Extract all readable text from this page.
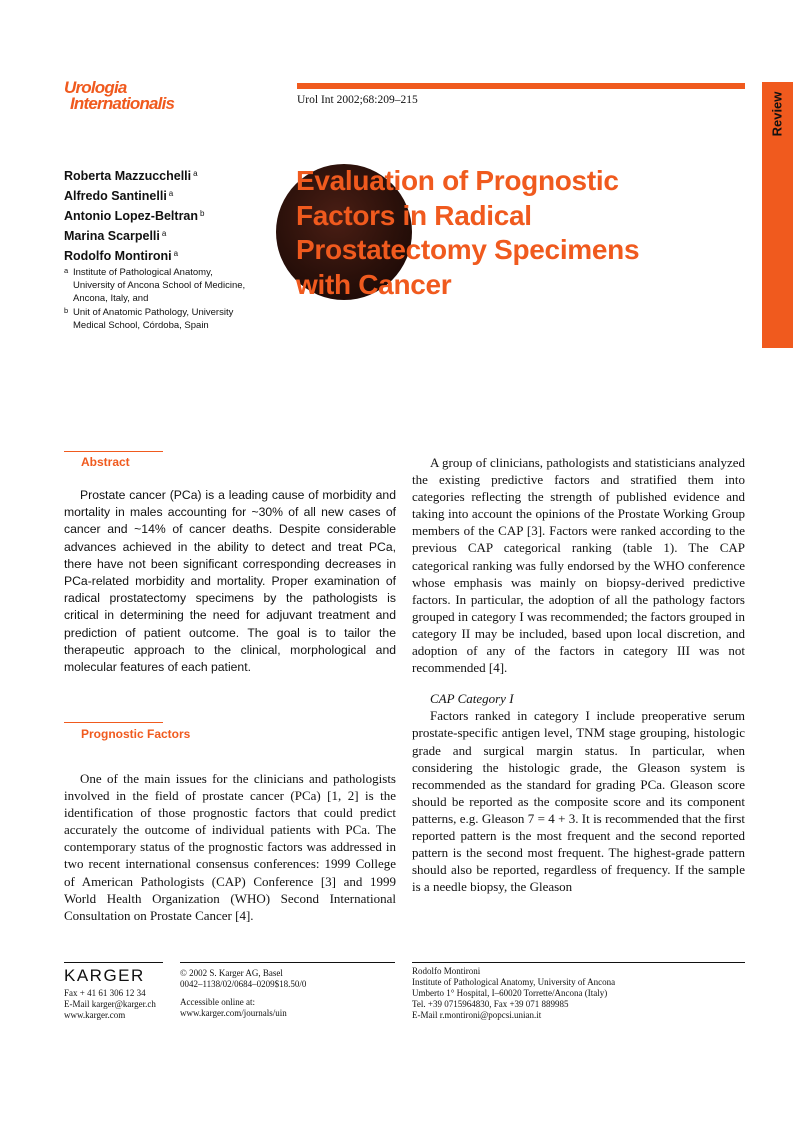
Urologia
Internationalis	Urol Int 2002;68:209–215	Review
Roberta Mazzucchelli $^a$
Alfredo Santinelli $^a$
Antonio Lopez-Beltran $^b$
Marina Scarpelli $^a$
Rodolfo Montironi $^a$
a Institute of Pathological Anatomy,
University of Ancona School of Medicine,
Ancona, Italy, and
b Unit of Anatomic Pathology, University
Medical School, Córdoba, Spain
Evaluation of Prognostic
Factors in Radical
Prostatectomy Specimens
with Cancer
Abstract

Prostate cancer (PCa) is a leading cause of morbidity and mortality in males accounting for ~30% of all new cases of cancer and ~14% of cancer deaths. Despite considerable advances achieved in the ability to detect and treat PCa, there have not been significant corresponding decreases in PCa-related morbidity and mortality. Proper examination of radical prostatectomy specimens by the pathologists is critical in determining the need for adjuvant treatment and prediction of patient outcome. The goal is to tailor the therapeutic approach to the clinical, morphological and molecular features of each patient.

Prognostic Factors

One of the main issues for the clinicians and pathologists involved in the field of prostate cancer (PCa) [1, 2] is the identification of those prognostic factors that could predict accurately the outcome of individual patients with PCa. The contemporary status of the prognostic factors was addressed in two recent international consensus conferences: 1999 College of American Pathologists (CAP) Conference [3] and 1999 World Health Organization (WHO) Second International Consultation on Prostate Cancer [4].

A group of clinicians, pathologists and statisticians analyzed the existing predictive factors and stratified them into categories reflecting the strength of published evidence and taking into account the opinions of the Prostate Working Group members of the CAP [3]. Factors were ranked according to the previous CAP categorical ranking (table 1). The CAP categorical ranking was fully endorsed by the WHO conference whose emphasis was mainly on biopsy-derived predictive factors. In particular, the adoption of all the pathology factors grouped in category I was recommended; the factors grouped in category II may be included, based upon local discretion, and adoption of any of the factors in category III was not recommended [4].

CAP Category I

Factors ranked in category I include preoperative serum prostate-specific antigen level, TNM stage grouping, histologic grade and surgical margin status. In particular, when considering the histologic grade, the Gleason system is recommended as the standard for grading PCa. Gleason score should be reported as the composite score and its component patterns, e.g. Gleason 7 = 4 + 3. It is recommended that the first reported pattern is the most frequent and the second reported pattern is the second most frequent. The highest-grade pattern should also be reported, regardless of frequency. If the sample is a needle biopsy, the Gleason

KARGER
Fax + 41 61 306 12 34
E-Mail karger@karger.ch
www.karger.com
© 2002 S. Karger AG, Basel
0042–1138/02/0684–0209$18.50/0
Accessible online at:
www.karger.com/journals/uin
Rodolfo Montironi
Institute of Pathological Anatomy, University of Ancona
Umberto 1° Hospital, I–60020 Torrette/Ancona (Italy)
Tel. +39 0715964830, Fax +39 071 889985
E-Mail r.montironi@popcsi.unian.it
